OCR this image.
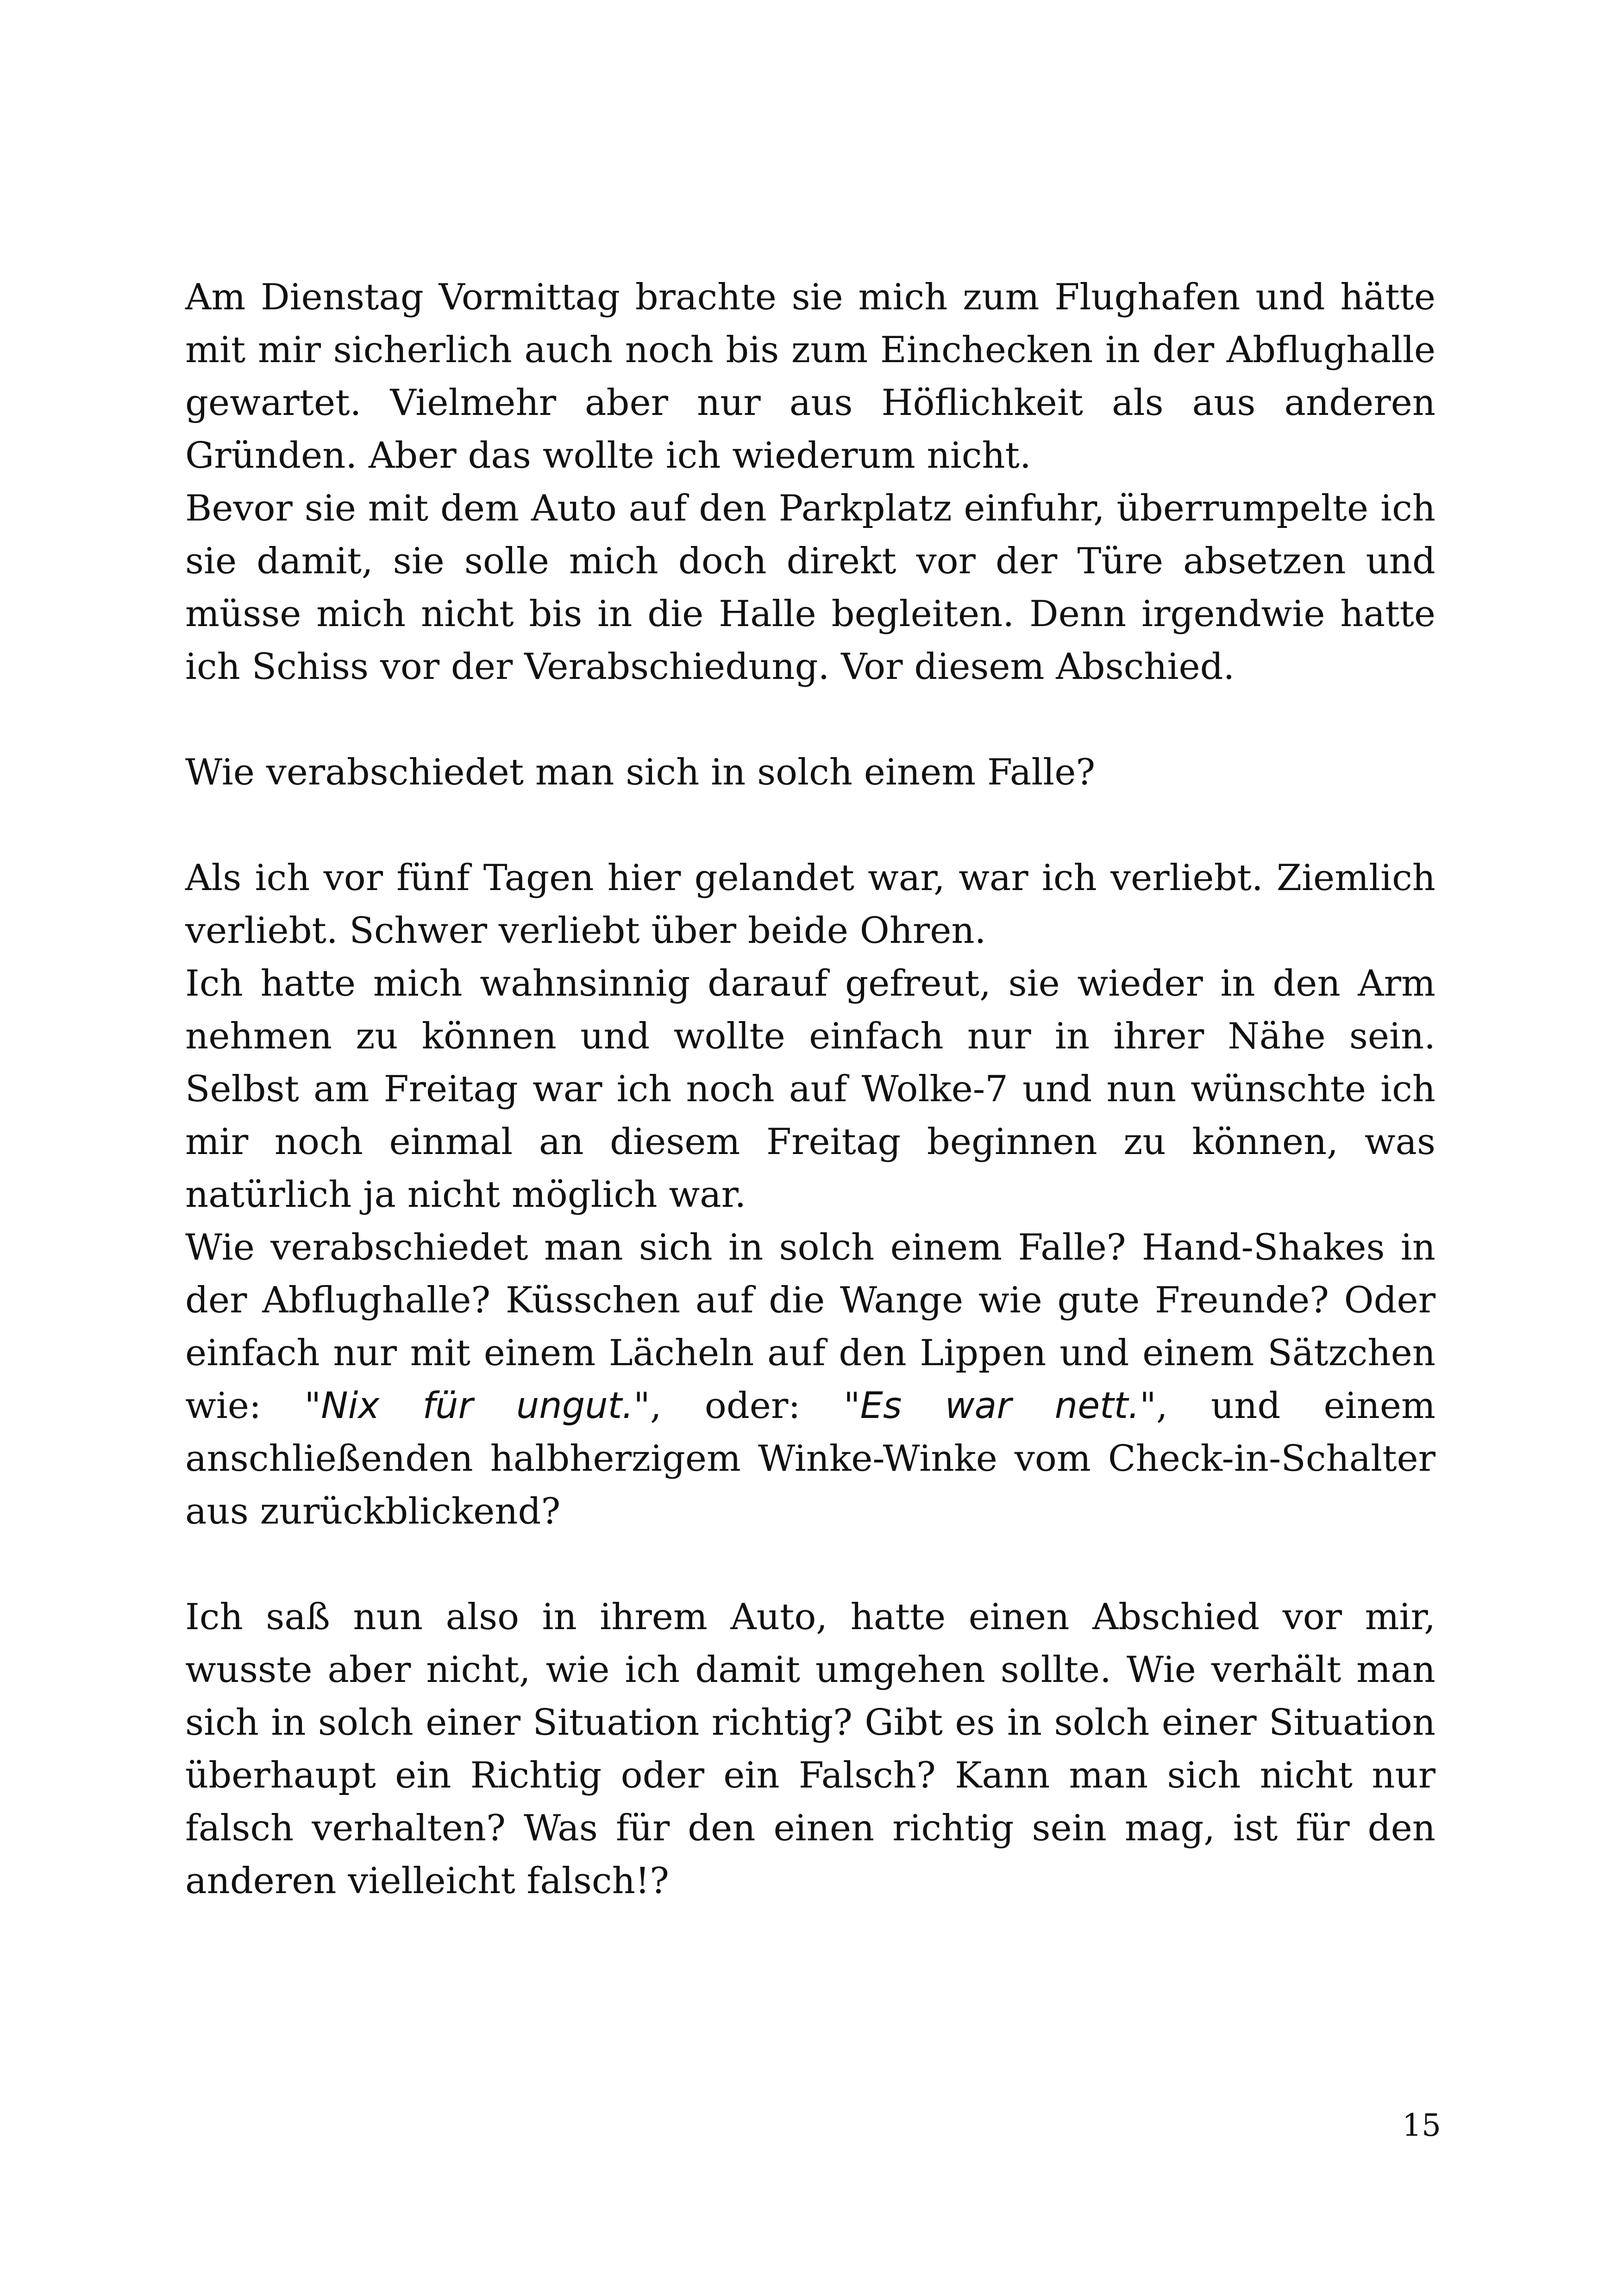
Am Dienstag Vormittag brachte sie mich zum Flughafen und hätte mit mir sicherlich auch noch bis zum Einchecken in der Abflughalle gewartet. Vielmehr aber nur aus Höflichkeit als aus anderen Gründen. Aber das wollte ich wiederum nicht.

Bevor sie mit dem Auto auf den Parkplatz einfuhr, überrumpelte ich sie damit, sie solle mich doch direkt vor der Türe absetzen und müsse mich nicht bis in die Halle begleiten. Denn irgendwie hatte ich Schiss vor der Verabschiedung. Vor diesem Abschied.

Wie verabschiedet man sich in solch einem Falle?

Als ich vor fünf Tagen hier gelandet war, war ich verliebt. Ziemlich verliebt. Schwer verliebt über beide Ohren.

Ich hatte mich wahnsinnig darauf gefreut, sie wieder in den Arm nehmen zu können und wollte einfach nur in ihrer Nähe sein. Selbst am Freitag war ich noch auf Wolke-7 und nun wünschte ich mir noch einmal an diesem Freitag beginnen zu können, was natürlich ja nicht möglich war.

Wie verabschiedet man sich in solch einem Falle? Hand-Shakes in der Abflughalle? Küsschen auf die Wange wie gute Freunde? Oder einfach nur mit einem Lächeln auf den Lippen und einem Sätzchen wie: "Nix für ungut.", oder: "Es war nett.", und einem anschließenden halbherzigem Winke-Winke vom Check-in-Schalter aus zurückblickend?

Ich saß nun also in ihrem Auto, hatte einen Abschied vor mir, wusste aber nicht, wie ich damit umgehen sollte. Wie verhält man sich in solch einer Situation richtig? Gibt es in solch einer Situation überhaupt ein Richtig oder ein Falsch? Kann man sich nicht nur falsch verhalten? Was für den einen richtig sein mag, ist für den anderen vielleicht falsch!?

15
